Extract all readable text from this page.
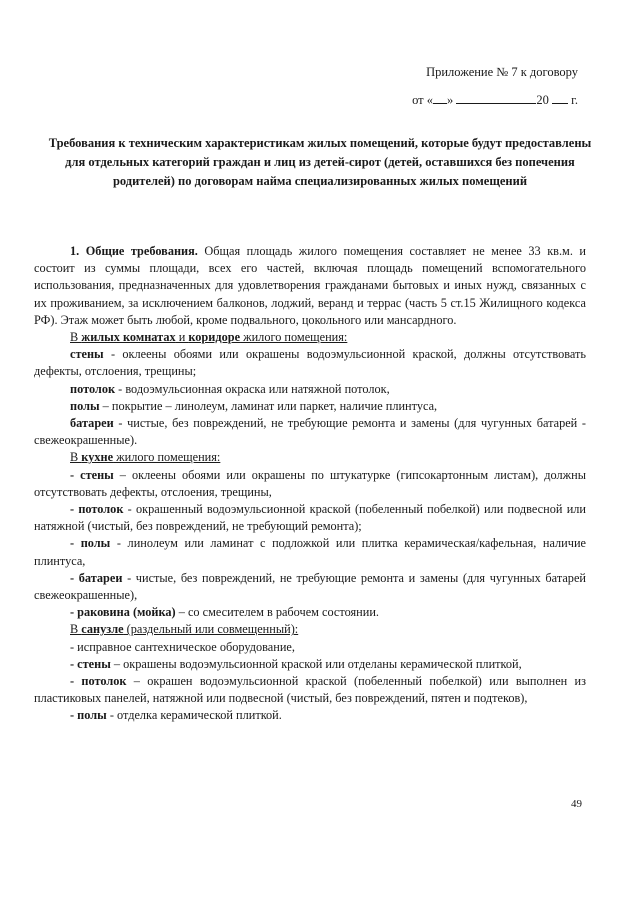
Приложение № 7 к договору
от « »	20 г.
Требования к техническим характеристикам жилых помещений, которые будут предоставлены для отдельных категорий граждан и лиц из детей-сирот (детей, оставшихся без попечения родителей) по договорам найма специализированных жилых помещений

1. Общие требования. Общая площадь жилого помещения составляет не менее 33 кв.м. и состоит из суммы площади, всех его частей, включая площадь помещений вспомогательного использования, предназначенных для удовлетворения гражданами бытовых и иных нужд, связанных с их проживанием, за исключением балконов, лоджий, веранд и террас (часть 5 ст.15 Жилищного кодекса РФ). Этаж может быть любой, кроме подвального, цокольного или мансардного.

В жилых комнатах и коридоре жилого помещения:

стены - оклеены обоями или окрашены водоэмульсионной краской, должны отсутствовать дефекты, отслоения, трещины;

потолок - водоэмульсионная окраска или натяжной потолок,

полы – покрытие – линолеум, ламинат или паркет, наличие плинтуса,

батареи - чистые, без повреждений, не требующие ремонта и замены (для чугунных батарей - свежеокрашенные).

В кухне жилого помещения:

- стены – оклеены обоями или окрашены по штукатурке (гипсокартонным листам), должны отсутствовать дефекты, отслоения, трещины,

- потолок - окрашенный водоэмульсионной краской (побеленный побелкой) или подвесной или натяжной (чистый, без повреждений, не требующий ремонта);

- полы - линолеум или ламинат с подложкой или плитка керамическая/кафельная, наличие плинтуса,

- батареи - чистые, без повреждений, не требующие ремонта и замены (для чугунных батарей свежеокрашенные),

- раковина (мойка) – со смесителем в рабочем состоянии.

В санузле (раздельный или совмещенный):

- исправное сантехническое оборудование,

- стены – окрашены водоэмульсионной краской или отделаны керамической плиткой,

- потолок – окрашен водоэмульсионной краской (побеленный побелкой) или выполнен из пластиковых панелей, натяжной или подвесной (чистый, без повреждений, пятен и подтеков),

- полы - отделка керамической плиткой.

49
